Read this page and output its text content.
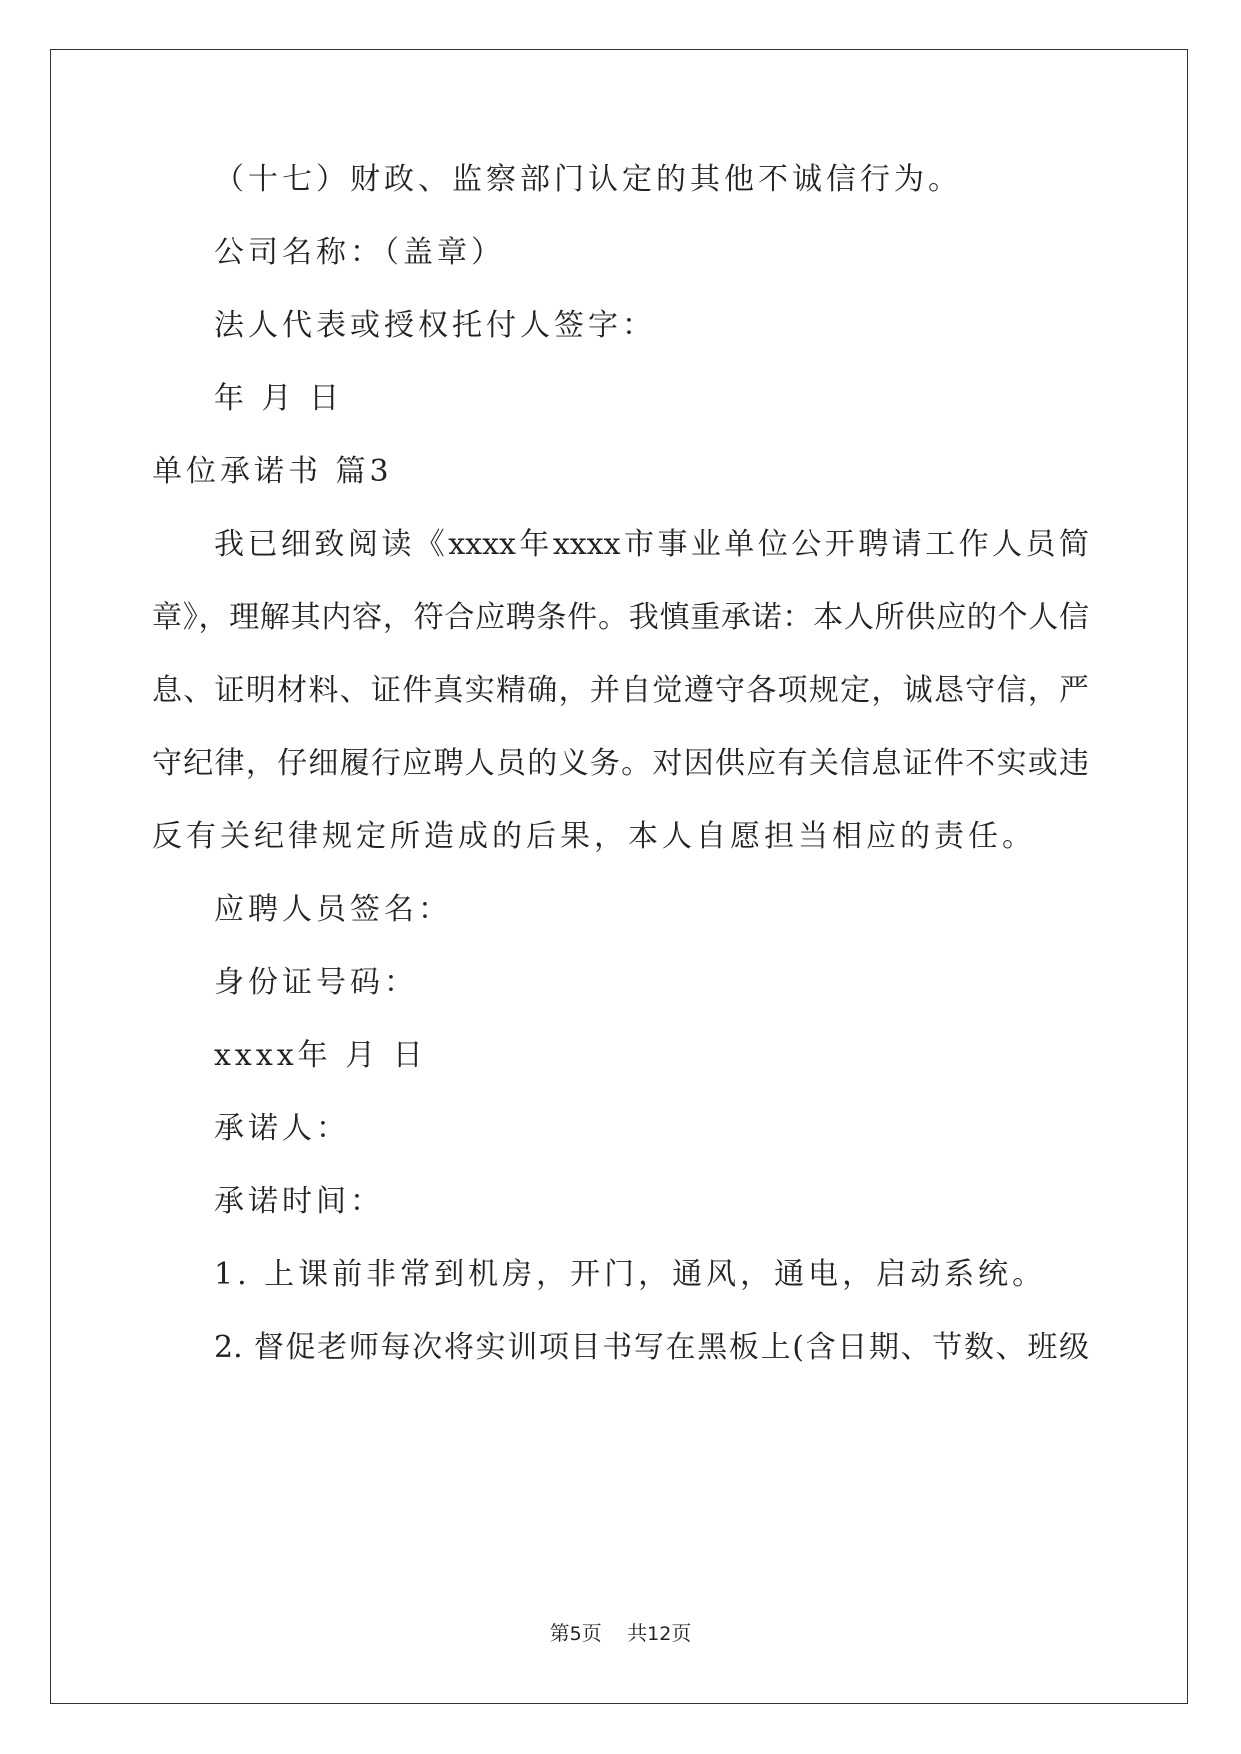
（十七）财政、监察部门认定的其他不诚信行为。
公司名称：（盖章）
法人代表或授权托付人签字：
年 月 日
单位承诺书 篇3
我已细致阅读《xxxx年xxxx市事业单位公开聘请工作人员简
章》，理解其内容，符合应聘条件。我慎重承诺：本人所供应的个人信
息、证明材料、证件真实精确，并自觉遵守各项规定，诚恳守信，严
守纪律，仔细履行应聘人员的义务。对因供应有关信息证件不实或违
反有关纪律规定所造成的后果，本人自愿担当相应的责任。
应聘人员签名：
身份证号码：
xxxx年 月 日
承诺人：
承诺时间：
1. 上课前非常到机房，开门，通风，通电，启动系统。
2. 督促老师每次将实训项目书写在黑板上(含日期、节数、班级
第5页 共12页
